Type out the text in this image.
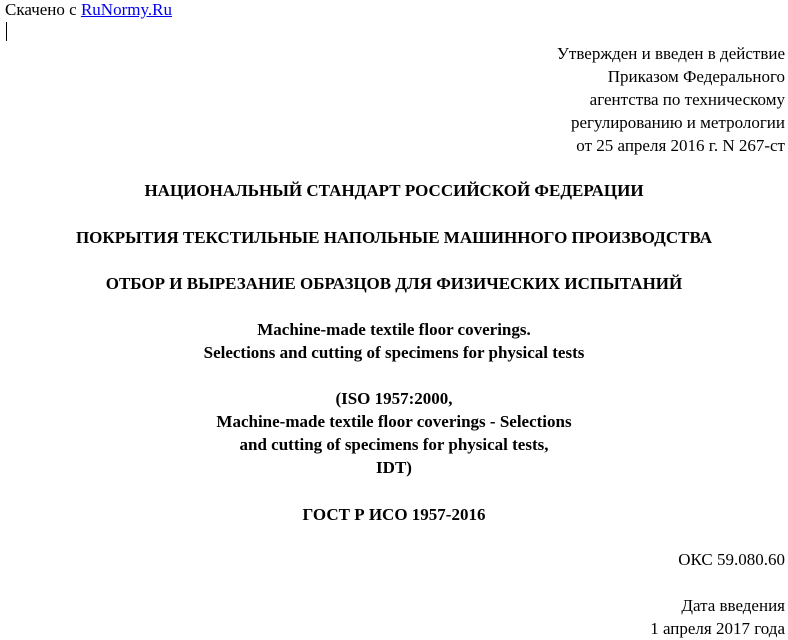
Скачено с RuNormy.Ru
Утвержден и введен в действие
Приказом Федерального
агентства по техническому
регулированию и метрологии
от 25 апреля 2016 г. N 267-ст
НАЦИОНАЛЬНЫЙ СТАНДАРТ РОССИЙСКОЙ ФЕДЕРАЦИИ
ПОКРЫТИЯ ТЕКСТИЛЬНЫЕ НАПОЛЬНЫЕ МАШИННОГО ПРОИЗВОДСТВА
ОТБОР И ВЫРЕЗАНИЕ ОБРАЗЦОВ ДЛЯ ФИЗИЧЕСКИХ ИСПЫТАНИЙ
Machine-made textile floor coverings.
Selections and cutting of specimens for physical tests
(ISO 1957:2000,
Machine-made textile floor coverings - Selections
and cutting of specimens for physical tests,
IDT)
ГОСТ Р ИСО 1957-2016
ОКС 59.080.60
Дата введения
1 апреля 2017 года
